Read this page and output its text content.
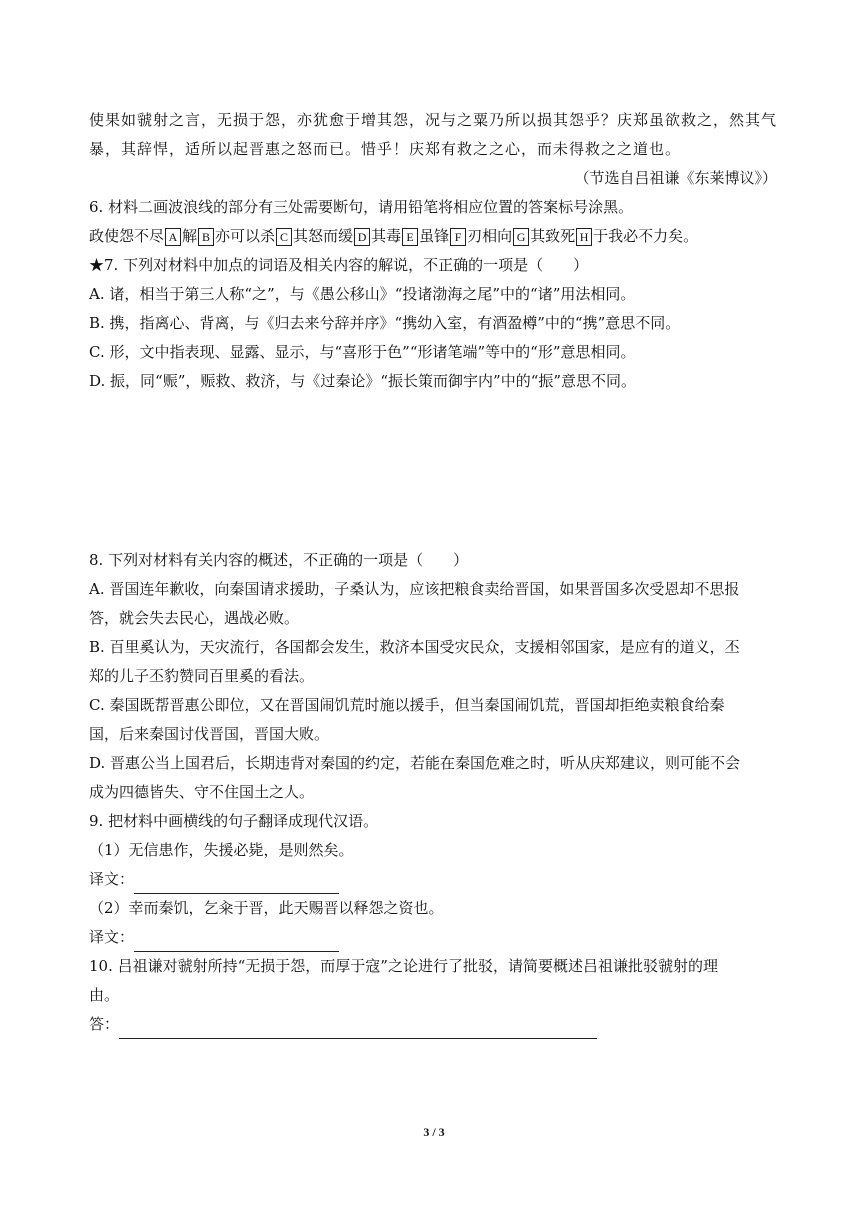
使果如虢射之言，无损于怨，亦犹愈于增其怨，况与之粟乃所以损其怨乎？庆郑虽欲救之，然其气
暴，其辞悍，适所以起晋惠之怒而已。惜乎！庆郑有救之之心，而未得救之之道也。
（节选自吕祖谦《东莱博议》）
6. 材料二画波浪线的部分有三处需要断句，请用铅笔将相应位置的答案标号涂黑。
政使怨不尽 A 解 B 亦可以杀 C 其怒而缓 D 其毒 E 虽锋 F 刃相向 G 其致死 H 于我必不力矣。
★7. 下列对材料中加点的词语及相关内容的解说，不正确的一项是（　　）
A. 诸，相当于第三人称“之”，与《愚公移山》“投诸渤海之尾”中的“诸”用法相同。
B. 携，指离心、背离，与《归去来兮辞并序》“携幼入室，有酒盈樽”中的“携”意思不同。
C. 形，文中指表现、显露、显示，与“喜形于色”“形诸笔端”等中的“形”意思相同。
D. 振，同“赈”，赈救、救济，与《过秦论》“振长策而御宇内”中的“振”意思不同。
8. 下列对材料有关内容的概述，不正确的一项是（　　）
A. 晋国连年歉收，向秦国请求援助，子桑认为，应该把粮食卖给晋国，如果晋国多次受恩却不思报
答，就会失去民心，遇战必败。
B. 百里奚认为，天灾流行，各国都会发生，救济本国受灾民众，支援相邻国家，是应有的道义，丕
郑的儿子丕豹赞同百里奚的看法。
C. 秦国既帮晋惠公即位，又在晋国闹饥荒时施以援手，但当秦国闹饥荒，晋国却拒绝卖粮食给秦
国，后来秦国讨伐晋国，晋国大败。
D. 晋惠公当上国君后，长期违背对秦国的约定，若能在秦国危难之时，听从庆郑建议，则可能不会
成为四德皆失、守不住国土之人。
9. 把材料中画横线的句子翻译成现代汉语。
（1）无信患作，失援必毙，是则然矣。
译文：
（2）幸而秦饥，乞籴于晋，此天赐晋以释怨之资也。
译文：
10. 吕祖谦对虢射所持“无损于怨，而厚于寇”之论进行了批驳，请简要概述吕祖谦批驳虢射的理
由。
答：
3 / 3
